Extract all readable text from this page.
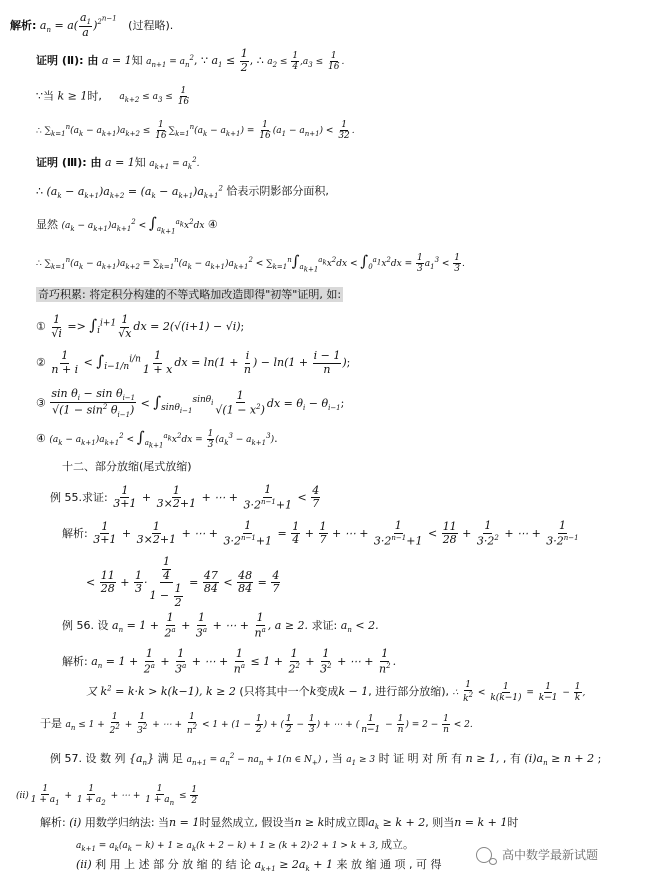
解析: $a_n = a( \frac{a_1}{a} )^{2^{n-1}}$ (过程略).
证明 (Ⅱ): 由 a = 1知 $a_{n+1} = a_n^2$, ∵ $a_1 \le \frac{1}{2}$ , ∴ $a_2 \le \frac{1}{4} ,a_3 \le \frac{1}{16}$ .
∵当 k ≥ 1时, $a_{k+2} \le a_3 \le \frac{1}{16}$
∴ $\sum_{k=1}^n(a_k - a_{k+1})a_{k+2} \le \frac{1}{16} \sum_{k=1}^n(a_k - a_{k+1}) = \frac{1}{16} (a_1 - a_{n+1}) < \frac{1}{32}$ .
证明 (Ⅲ): 由 a = 1知 $a_{k+1} = a_k^2$.
∴ $(a_k - a_{k+1})a_{k+2} = (a_k - a_{k+1})a_{k+1}^2$ 恰表示阴影部分面积,
显然 $(a_k - a_{k+1})a_{k+1}^2 < \int_{a_{k+1}}^{a_k}x^2dx$ ④
∴ $\sum_{k=1}^n(a_k - a_{k+1})a_{k+2} = \sum_{k=1}^n(a_k - a_{k+1})a_{k+1}^2 < \sum_{k=1}^n\int_{a_{k+1}}^{a_k}x^2dx < \int_0^{a_1}x^2dx = \frac{1}{3} a_1^3 < \frac{1}{3}$ .
奇巧积累: 将定积分构建的不等式略加改造即得"初等"证明, 如:
① $\frac{1}{√i} => \int_i^{i+1} \frac{1}{√x}$ dx = 2(√(i+1) − √i);
② $\frac{1}{n + i} < \int_{i-1/n}^{i/n} \frac{1}{1 + x}$ dx = $\ln(1 + \frac{i}{n}$ ) − $\ln(1 + \frac{i - 1}{n}$ );
③ $\frac{\sin \theta_i - \sin \theta_{i-1}}{√(1 - \sin^2 \theta_{i-1})} < \int_{sin\theta_{i-1}}^{sin\theta_i} \frac{1}{√(1 - x^2)}$ dx = $\theta_i - \theta_{i-1}$;
④ $(a_k - a_{k+1})a_{k+1}^2 < \int_{a_{k+1}}^{a_k}x^2dx = \frac{1}{3} (a_k^3 - a_{k+1}^3)$.
十二、部分放缩(尾式放缩)
例 55.求证: $\frac{1}{3+1} + \frac{1}{3\times 2+1}$ + ⋯ + $\frac{1}{3\cdot 2^{n-1}+1} < \frac{4}{7}$
解析: $\frac{1}{3+1} + \frac{1}{3\times 2+1}$ + ⋯ + $\frac{1}{3\cdot 2^{n-1}+1} = \frac{1}{4} + \frac{1}{7}$ + ⋯ + $\frac{1}{3\cdot 2^{n-1}+1} < \frac{11}{28} + \frac{1}{3\cdot 2^2}$ + ⋯ + $\frac{1}{3\cdot 2^{n-1}}$
< $\frac{11}{28} + \frac{1}{3} \cdot \frac{\frac{1}{4}}{1 - \frac{1}{2}} = \frac{47}{84} < \frac{48}{84} = \frac{4}{7}$
例 56. 设 $a_n = 1 + \frac{1}{2^a} + \frac{1}{3^a}$ + ⋯ + $\frac{1}{n^a}$ , a ≥ 2. 求证: $a_n < 2$.
解析: $a_n = 1 + \frac{1}{2^a} + \frac{1}{3^a}$ + ⋯ + $\frac{1}{n^a} \le 1 + \frac{1}{2^2} + \frac{1}{3^2}$ + ⋯ + $\frac{1}{n^2}$ .
又 $k^2 = k\cdot k > k(k-1)$, k ≥ 2 (只将其中一个k变成k − 1, 进行部分放缩), ∴ $\frac{1}{k^2} < \frac{1}{k(k-1)} = \frac{1}{k-1} - \frac{1}{k}$ ,
于是 $a_n \le 1 + \frac{1}{2^2} + \frac{1}{3^2}$ + ⋯ + $\frac{1}{n^2} < 1 + (1 - \frac{1}{2}$ ) + ( $\frac{1}{2} - \frac{1}{3}$ ) + ⋯ + ( $\frac{1}{n-1} - \frac{1}{n}$ ) = $2 - \frac{1}{n} < 2$.
例 57. 设 数 列 $\{a_n\}$ 满 足 $a_{n+1} = a_n^2 - na_n + 1(n$ ∈ $N_+$) , 当 $a_1 \ge 3$ 时 证 明 对 所 有 n ≥ 1, , 有 $(i)a_n \ge n + 2$ ;
$(ii) \frac{1}{1 + a_1} + \frac{1}{1 + a_2}$ + ⋯ + $\frac{1}{1 + a_n} \le \frac{1}{2}$
解析: (i) 用数学归纳法: 当n = 1时显然成立, 假设当n ≥ k时成立即$a_k \ge k + 2$, 则当n = k + 1时
$a_{k+1} = a_k(a_k - k) + 1 \ge a_k(k + 2 - k) + 1 \ge (k + 2)\cdot 2 + 1 > k + 3$, 成立。
(ii) 利 用 上 述 部 分 放 缩 的 结 论 $a_{k+1} \ge 2a_k + 1$ 来 放 缩 通 项 , 可 得
高中数学最新试题
